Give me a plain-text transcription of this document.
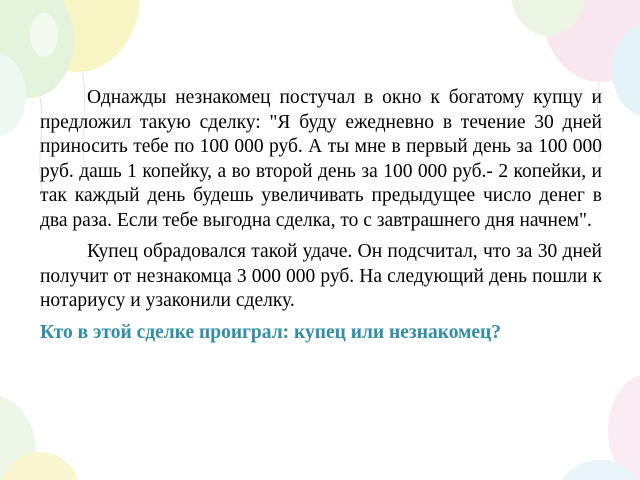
Однажды незнакомец постучал в окно к богатому купцу и предложил такую сделку: "Я буду ежедневно в течение 30 дней приносить тебе по 100 000 руб. А ты мне в первый день за 100 000 руб. дашь 1 копейку, а во второй день за 100 000 руб.- 2 копейки, и так каждый день будешь увеличивать предыдущее число денег в два раза. Если тебе выгодна сделка, то с завтрашнего дня начнем".

Купец обрадовался такой удаче. Он подсчитал, что за 30 дней получит от незнакомца 3 000 000 руб. На следующий день пошли к нотариусу и узаконили сделку.

Кто в этой сделке проиграл: купец или незнакомец?
